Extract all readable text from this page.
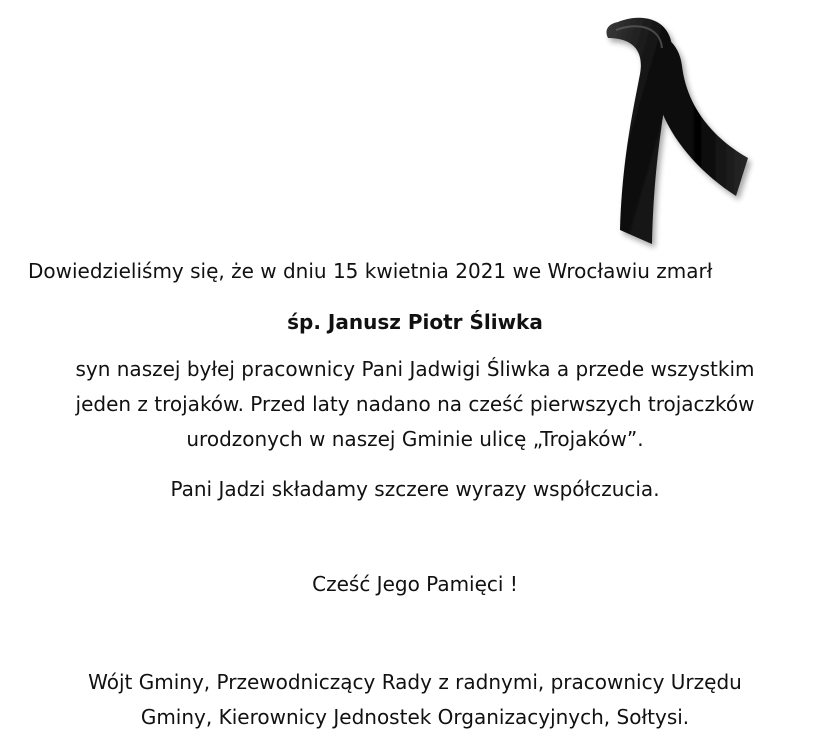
Dowiedzieliśmy się, że w dniu 15 kwietnia 2021 we Wrocławiu zmarł
śp. Janusz Piotr Śliwka
syn naszej byłej pracownicy Pani Jadwigi Śliwka a przede wszystkim
jeden z trojaków. Przed laty nadano na cześć pierwszych trojaczków
urodzonych w naszej Gminie ulicę „Trojaków”.
Pani Jadzi składamy szczere wyrazy współczucia.
Cześć Jego Pamięci !
Wójt Gminy, Przewodniczący Rady z radnymi, pracownicy Urzędu
Gminy, Kierownicy Jednostek Organizacyjnych, Sołtysi.
